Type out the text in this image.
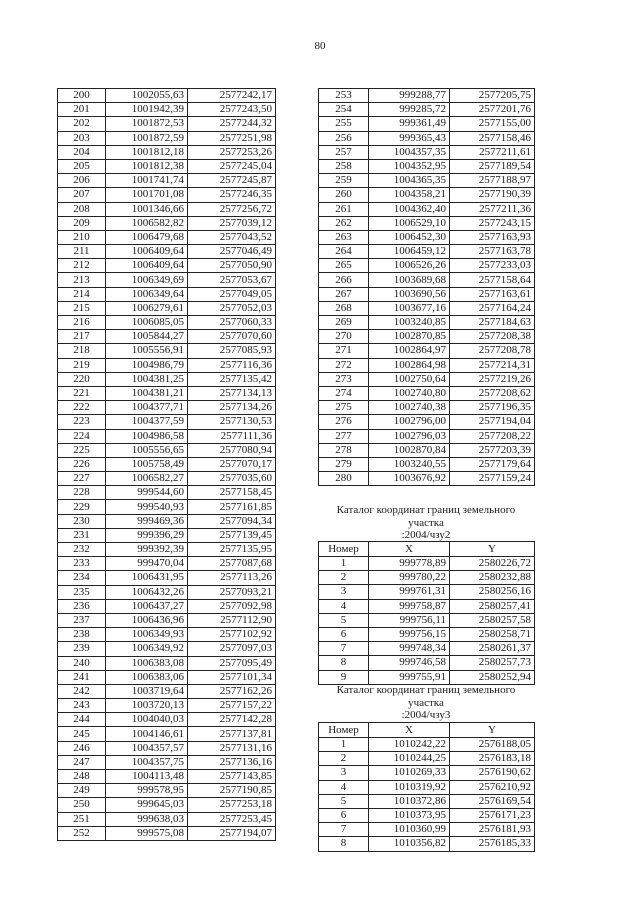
80
200	1002055,63	2577242,17
201	1001942,39	2577243,50
202	1001872,53	2577244,32
203	1001872,59	2577251,98
204	1001812,18	2577253,26
205	1001812,38	2577245,04
206	1001741,74	2577245,87
207	1001701,08	2577246,35
208	1001346,66	2577256,72
209	1006582,82	2577039,12
210	1006479,68	2577043,52
211	1006409,64	2577046,49
212	1006409,64	2577050,90
213	1006349,69	2577053,67
214	1006349,64	2577049,05
215	1006279,61	2577052,03
216	1006085,05	2577060,33
217	1005844,27	2577070,60
218	1005556,91	2577085,93
219	1004986,79	2577116,36
220	1004381,25	2577135,42
221	1004381,21	2577134,13
222	1004377,71	2577134,26
223	1004377,59	2577130,53
224	1004986,58	2577111,36
225	1005556,65	2577080,94
226	1005758,49	2577070,17
227	1006582,27	2577035,60
228	999544,60	2577158,45
229	999540,93	2577161,85
230	999469,36	2577094,34
231	999396,29	2577139,45
232	999392,39	2577135,95
233	999470,04	2577087,68
234	1006431,95	2577113,26
235	1006432,26	2577093,21
236	1006437,27	2577092,98
237	1006436,96	2577112,90
238	1006349,93	2577102,92
239	1006349,92	2577097,03
240	1006383,08	2577095,49
241	1006383,06	2577101,34
242	1003719,64	2577162,26
243	1003720,13	2577157,22
244	1004040,03	2577142,28
245	1004146,61	2577137,81
246	1004357,57	2577131,16
247	1004357,75	2577136,16
248	1004113,48	2577143,85
249	999578,95	2577190,85
250	999645,03	2577253,18
251	999638,03	2577253,45
252	999575,08	2577194,07
253	999288,77	2577205,75
254	999285,72	2577201,76
255	999361,49	2577155,00
256	999365,43	2577158,46
257	1004357,35	2577211,61
258	1004352,95	2577189,54
259	1004365,35	2577188,97
260	1004358,21	2577190,39
261	1004362,40	2577211,36
262	1006529,10	2577243,15
263	1006452,30	2577163,93
264	1006459,12	2577163,78
265	1006526,26	2577233,03
266	1003689,68	2577158,64
267	1003690,56	2577163,61
268	1003677,16	2577164,24
269	1003240,85	2577184,63
270	1002870,85	2577208,38
271	1002864,97	2577208,78
272	1002864,98	2577214,31
273	1002750,64	2577219,26
274	1002740,80	2577208,62
275	1002740,38	2577196,35
276	1002796,00	2577194,04
277	1002796,03	2577208,22
278	1002870,84	2577203,39
279	1003240,55	2577179,64
280	1003676,92	2577159,24
Каталог координат границ земельного
участка
:2004/чзу2
Номер	X	Y
1	999778,89	2580226,72
2	999780,22	2580232,88
3	999761,31	2580256,16
4	999758,87	2580257,41
5	999756,11	2580257,58
6	999756,15	2580258,71
7	999748,34	2580261,37
8	999746,58	2580257,73
9	999755,91	2580252,94
Каталог координат границ земельного
участка
:2004/чзу3
Номер	X	Y
1	1010242,22	2576188,05
2	1010244,25	2576183,18
3	1010269,33	2576190,62
4	1010319,92	2576210,92
5	1010372,86	2576169,54
6	1010373,95	2576171,23
7	1010360,99	2576181,93
8	1010356,82	2576185,33
